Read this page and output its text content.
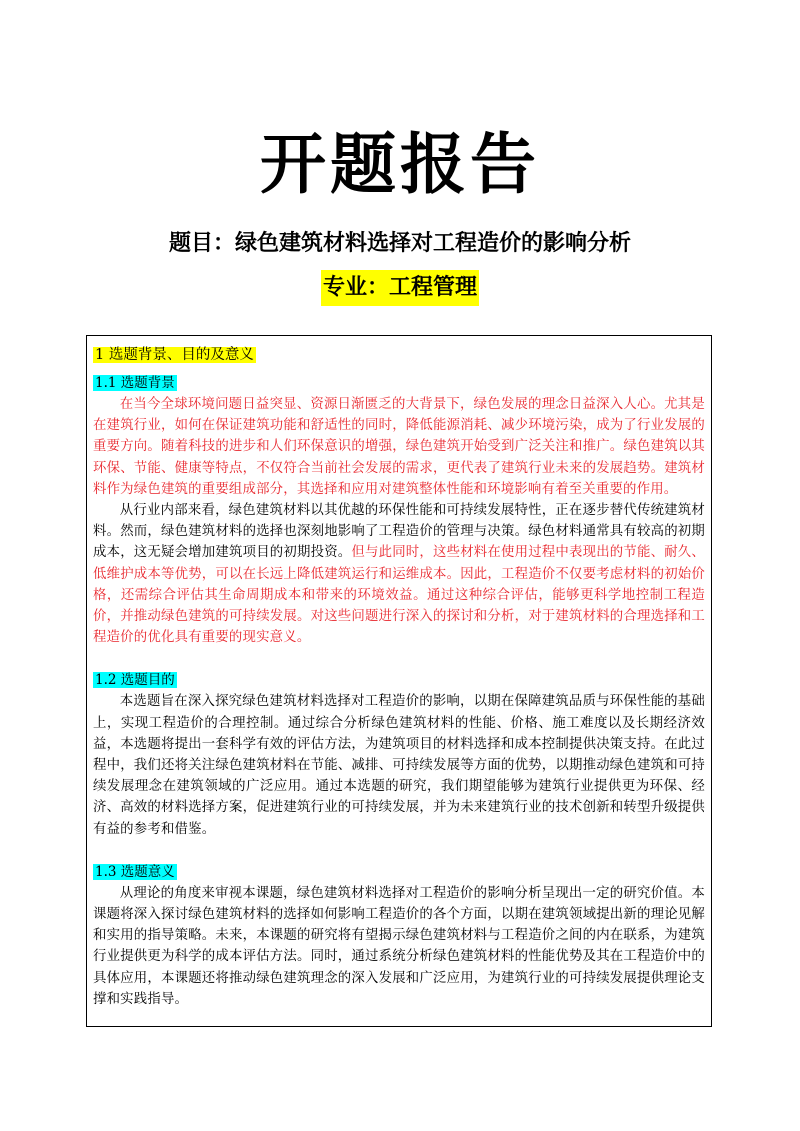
开题报告
题目：绿色建筑材料选择对工程造价的影响分析
专业：工程管理
1 选题背景、目的及意义
1.1 选题背景

在当今全球环境问题日益突显、资源日渐匮乏的大背景下，绿色发展的理念日益深入人心。尤其是在建筑行业，如何在保证建筑功能和舒适性的同时，降低能源消耗、减少环境污染，成为了行业发展的重要方向。随着科技的进步和人们环保意识的增强，绿色建筑开始受到广泛关注和推广。绿色建筑以其环保、节能、健康等特点，不仅符合当前社会发展的需求，更代表了建筑行业未来的发展趋势。建筑材料作为绿色建筑的重要组成部分，其选择和应用对建筑整体性能和环境影响有着至关重要的作用。

从行业内部来看，绿色建筑材料以其优越的环保性能和可持续发展特性，正在逐步替代传统建筑材料。然而，绿色建筑材料的选择也深刻地影响了工程造价的管理与决策。绿色材料通常具有较高的初期成本，这无疑会增加建筑项目的初期投资。但与此同时，这些材料在使用过程中表现出的节能、耐久、低维护成本等优势，可以在长远上降低建筑运行和运维成本。因此，工程造价不仅要考虑材料的初始价格，还需综合评估其生命周期成本和带来的环境效益。通过这种综合评估，能够更科学地控制工程造价，并推动绿色建筑的可持续发展。对这些问题进行深入的探讨和分析，对于建筑材料的合理选择和工程造价的优化具有重要的现实意义。

1.2 选题目的

本选题旨在深入探究绿色建筑材料选择对工程造价的影响，以期在保障建筑品质与环保性能的基础上，实现工程造价的合理控制。通过综合分析绿色建筑材料的性能、价格、施工难度以及长期经济效益，本选题将提出一套科学有效的评估方法，为建筑项目的材料选择和成本控制提供决策支持。在此过程中，我们还将关注绿色建筑材料在节能、减排、可持续发展等方面的优势，以期推动绿色建筑和可持续发展理念在建筑领域的广泛应用。通过本选题的研究，我们期望能够为建筑行业提供更为环保、经济、高效的材料选择方案，促进建筑行业的可持续发展，并为未来建筑行业的技术创新和转型升级提供有益的参考和借鉴。

1.3 选题意义

从理论的角度来审视本课题，绿色建筑材料选择对工程造价的影响分析呈现出一定的研究价值。本课题将深入探讨绿色建筑材料的选择如何影响工程造价的各个方面，以期在建筑领域提出新的理论见解和实用的指导策略。未来，本课题的研究将有望揭示绿色建筑材料与工程造价之间的内在联系，为建筑行业提供更为科学的成本评估方法。同时，通过系统分析绿色建筑材料的性能优势及其在工程造价中的具体应用，本课题还将推动绿色建筑理念的深入发展和广泛应用，为建筑行业的可持续发展提供理论支撑和实践指导。
